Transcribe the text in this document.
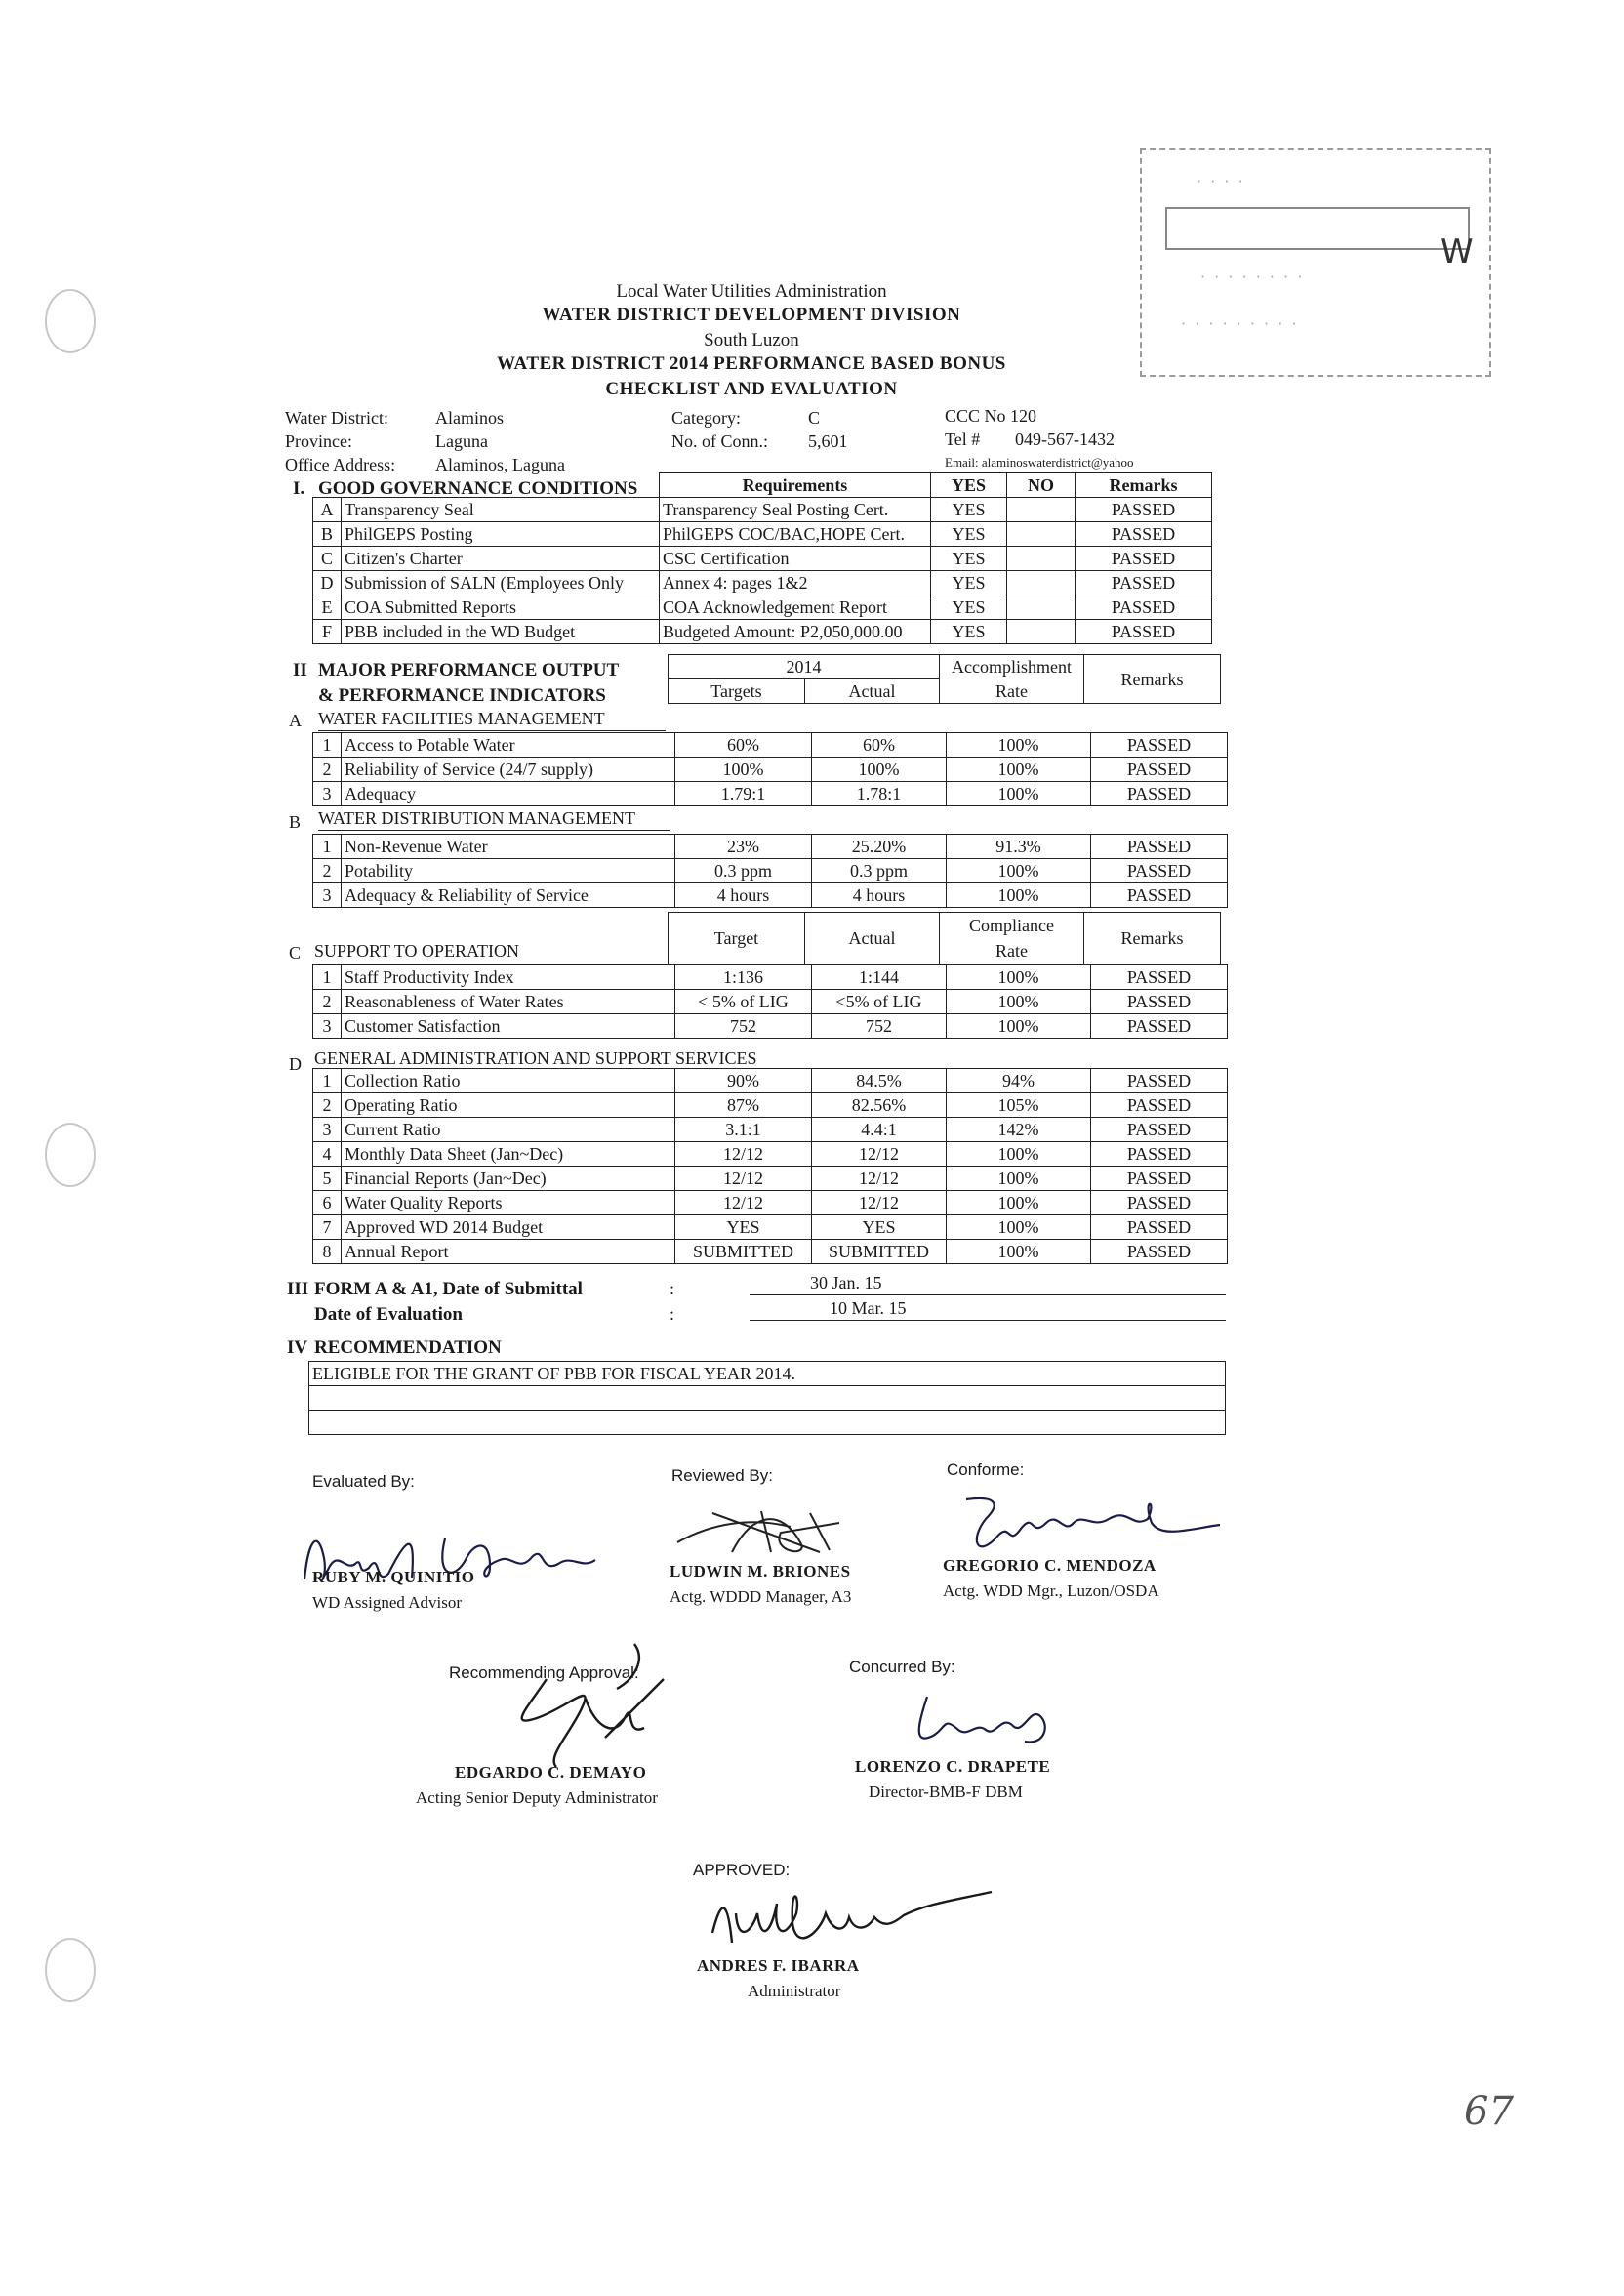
· · · ·
· · · · · · · ·
· · · · · · · · ·
W
Local Water Utilities Administration
WATER DISTRICT DEVELOPMENT DIVISION
South Luzon
WATER DISTRICT 2014 PERFORMANCE BASED BONUS
CHECKLIST AND EVALUATION
Water District:	Alaminos
Province:	Laguna
Office Address: Alaminos, Laguna
Category:	C
No. of Conn.: 5,601
CCC No 120
Tel # 049-567-1432
Email: alaminoswaterdistrict@yahoo
I. GOOD GOVERNANCE CONDITIONS
		Requirements	YES	NO	Remarks
A	Transparency Seal	Transparency Seal Posting Cert.	YES		PASSED
B	PhilGEPS Posting	PhilGEPS COC/BAC,HOPE Cert.	YES		PASSED
C	Citizen's Charter	CSC Certification	YES		PASSED
D	Submission of SALN (Employees Only	Annex 4: pages 1&2	YES		PASSED
E	COA Submitted Reports	COA Acknowledgement Report	YES		PASSED
F	PBB included in the WD Budget	Budgeted Amount: P2,050,000.00	YES		PASSED
II MAJOR PERFORMANCE OUTPUT
& PERFORMANCE INDICATORS
2014		Accomplishment	Remarks
Targets	Actual	Rate	
A WATER FACILITIES MANAGEMENT
1	Access to Potable Water	60%	60%	100%	PASSED
2	Reliability of Service (24/7 supply)	100%	100%	100%	PASSED
3	Adequacy	1.79:1	1.78:1	100%	PASSED
B WATER DISTRIBUTION MANAGEMENT
1	Non-Revenue Water	23%	25.20%	91.3%	PASSED
2	Potability	0.3 ppm	0.3 ppm	100%	PASSED
3	Adequacy & Reliability of Service	4 hours	4 hours	100%	PASSED
Target	Actual	Compliance	Remarks
Rate
C SUPPORT TO OPERATION
1	Staff Productivity Index	1:136	1:144	100%	PASSED
2	Reasonableness of Water Rates	< 5% of LIG	<5% of LIG	100%	PASSED
3	Customer Satisfaction	752	752	100%	PASSED
D GENERAL ADMINISTRATION AND SUPPORT SERVICES
1	Collection Ratio	90%	84.5%	94%	PASSED
2	Operating Ratio	87%	82.56%	105%	PASSED
3	Current Ratio	3.1:1	4.4:1	142%	PASSED
4	Monthly Data Sheet (Jan~Dec)	12/12	12/12	100%	PASSED
5	Financial Reports (Jan~Dec)	12/12	12/12	100%	PASSED
6	Water Quality Reports	12/12	12/12	100%	PASSED
7	Approved WD 2014 Budget	YES	YES	100%	PASSED
8	Annual Report	SUBMITTED	SUBMITTED	100%	PASSED
III FORM A & A1, Date of Submittal
Date of Evaluation
:
:
30 Jan. 15
10 Mar. 15
IV RECOMMENDATION
ELIGIBLE FOR THE GRANT OF PBB FOR FISCAL YEAR 2014.

Evaluated By:	Reviewed By:	Conforme:
RUBY M. QUINITIO
WD Assigned Advisor
LUDWIN M. BRIONES
Actg. WDDD Manager, A3
GREGORIO C. MENDOZA
Actg. WDD Mgr., Luzon/OSDA
Recommending Approval:	Concurred By:
EDGARDO C. DEMAYO
Acting Senior Deputy Administrator
LORENZO C. DRAPETE
Director-BMB-F DBM
APPROVED:
ANDRES F. IBARRA
Administrator
67
